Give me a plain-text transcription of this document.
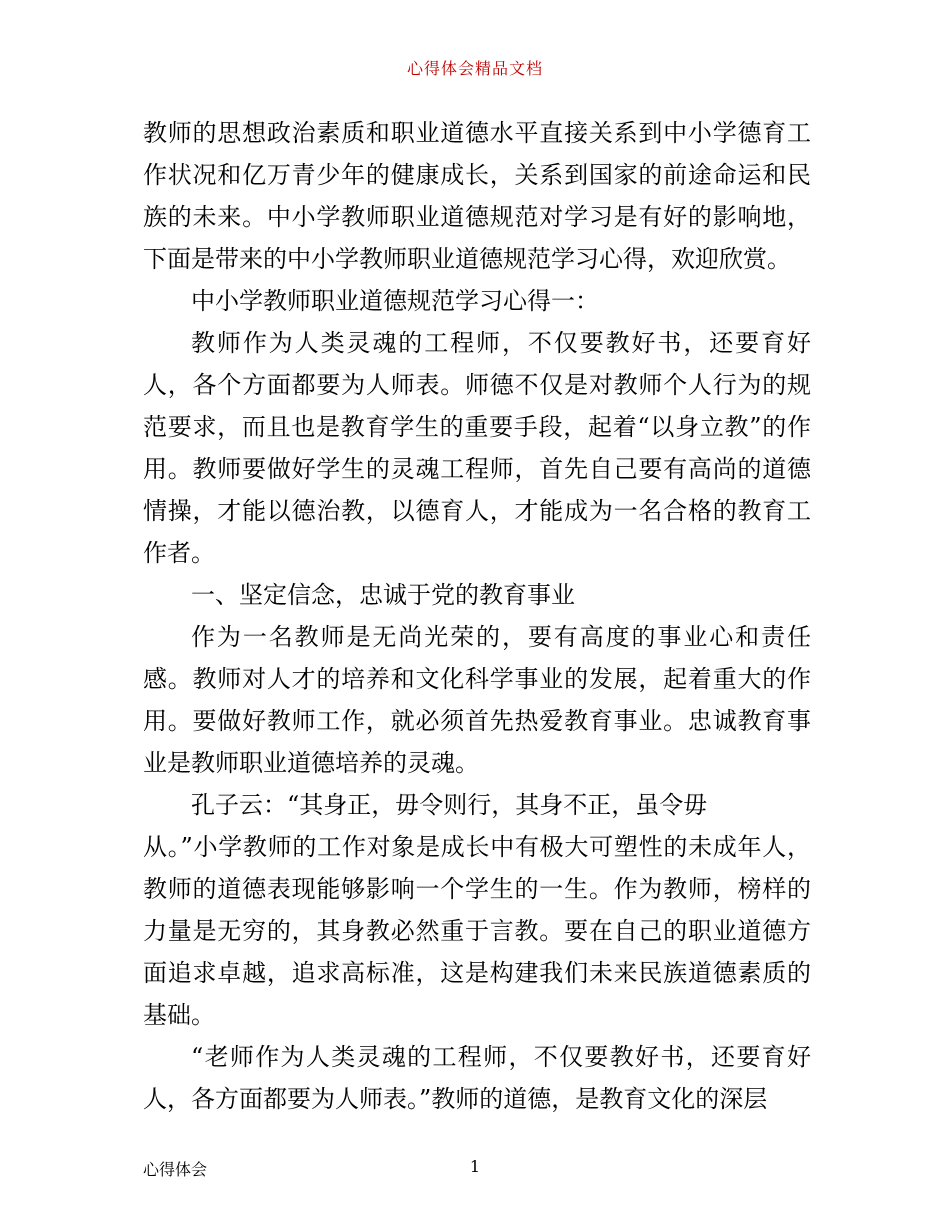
心得体会精品文档

教师的思想政治素质和职业道德水平直接关系到中小学德育工作状况和亿万青少年的健康成长，关系到国家的前途命运和民族的未来。中小学教师职业道德规范对学习是有好的影响地，下面是带来的中小学教师职业道德规范学习心得，欢迎欣赏。

中小学教师职业道德规范学习心得一：

教师作为人类灵魂的工程师，不仅要教好书，还要育好人，各个方面都要为人师表。师德不仅是对教师个人行为的规范要求，而且也是教育学生的重要手段，起着“以身立教”的作用。教师要做好学生的灵魂工程师，首先自己要有高尚的道德情操，才能以德治教，以德育人，才能成为一名合格的教育工作者。

一、坚定信念，忠诚于党的教育事业

作为一名教师是无尚光荣的，要有高度的事业心和责任感。教师对人才的培养和文化科学事业的发展，起着重大的作用。要做好教师工作，就必须首先热爱教育事业。忠诚教育事业是教师职业道德培养的灵魂。

孔子云：“其身正，毋令则行，其身不正，虽令毋

从。”小学教师的工作对象是成长中有极大可塑性的未成年人，教师的道德表现能够影响一个学生的一生。作为教师，榜样的力量是无穷的，其身教必然重于言教。要在自己的职业道德方面追求卓越，追求高标准，这是构建我们未来民族道德素质的基础。

“老师作为人类灵魂的工程师，不仅要教好书，还要育好人，各方面都要为人师表。”教师的道德，是教育文化的深层

心得体会	1
